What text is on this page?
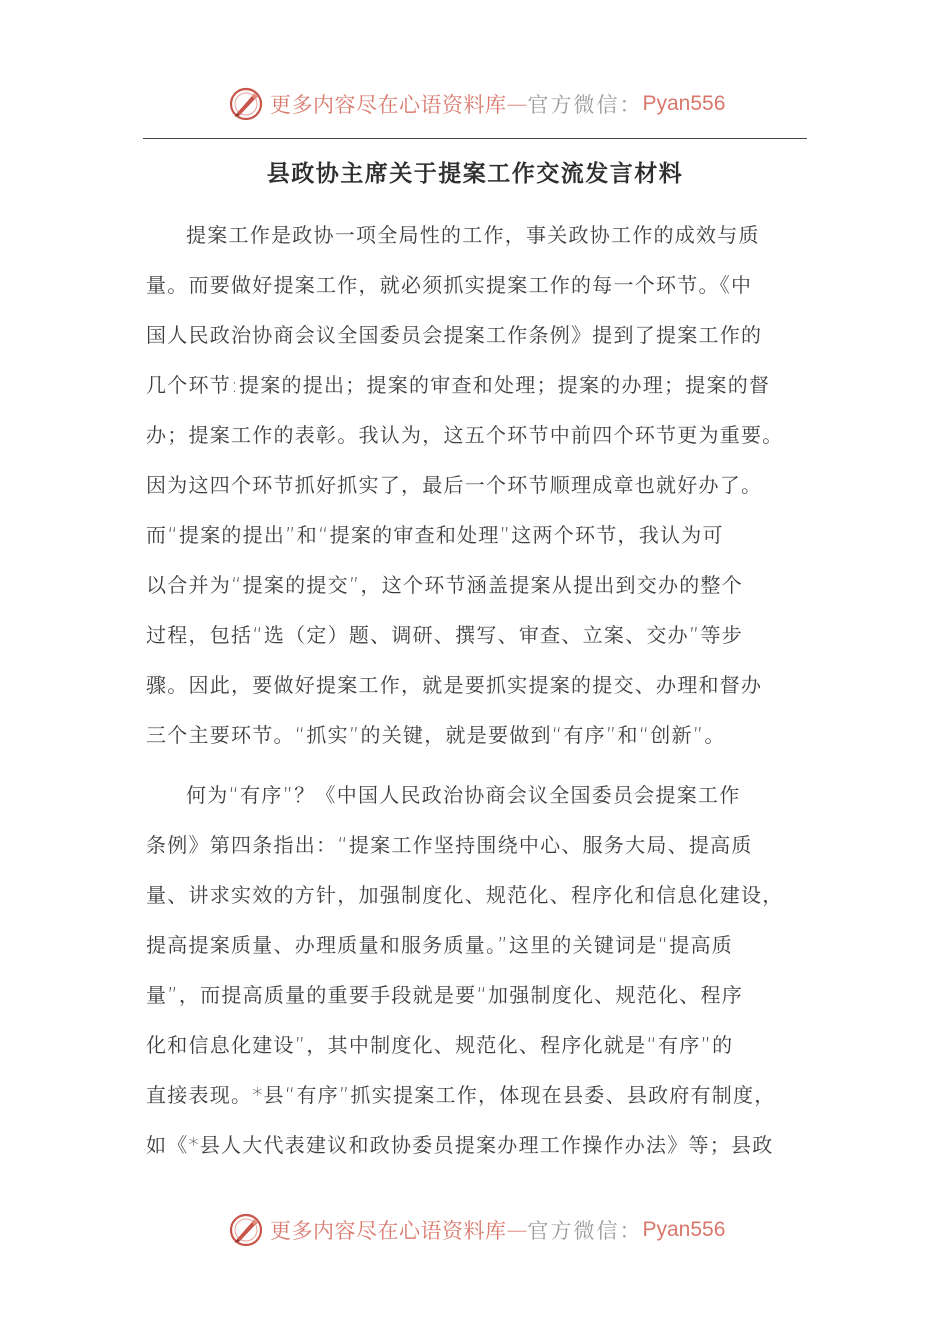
更多内容尽在心语资料库 — 官方微信： Pyan556
县政协主席关于提案工作交流发言材料
提案工作是政协一项全局性的工作，事关政协工作的成效与质
量。而要做好提案工作，就必须抓实提案工作的每一个环节。《中
国人民政治协商会议全国委员会提案工作条例》提到了提案工作的
几个环节:提案的提出；提案的审查和处理；提案的办理；提案的督
办；提案工作的表彰。我认为，这五个环节中前四个环节更为重要。
因为这四个环节抓好抓实了，最后一个环节顺理成章也就好办了。
而“提案的提出”和“提案的审查和处理”这两个环节，我认为可
以合并为“提案的提交”，这个环节涵盖提案从提出到交办的整个
过程，包括“选（定）题、调研、撰写、审查、立案、交办”等步
骤。因此，要做好提案工作，就是要抓实提案的提交、办理和督办
三个主要环节。“抓实”的关键，就是要做到“有序”和“创新”。
何为“有序”？《中国人民政治协商会议全国委员会提案工作
条例》第四条指出：“提案工作坚持围绕中心、服务大局、提高质
量、讲求实效的方针，加强制度化、规范化、程序化和信息化建设，
提高提案质量、办理质量和服务质量。”这里的关键词是“提高质
量”，而提高质量的重要手段就是要“加强制度化、规范化、程序
化和信息化建设”，其中制度化、规范化、程序化就是“有序”的
直接表现。*县“有序”抓实提案工作，体现在县委、县政府有制度，
如《*县人大代表建议和政协委员提案办理工作操作办法》等；县政
更多内容尽在心语资料库 — 官方微信： Pyan556
